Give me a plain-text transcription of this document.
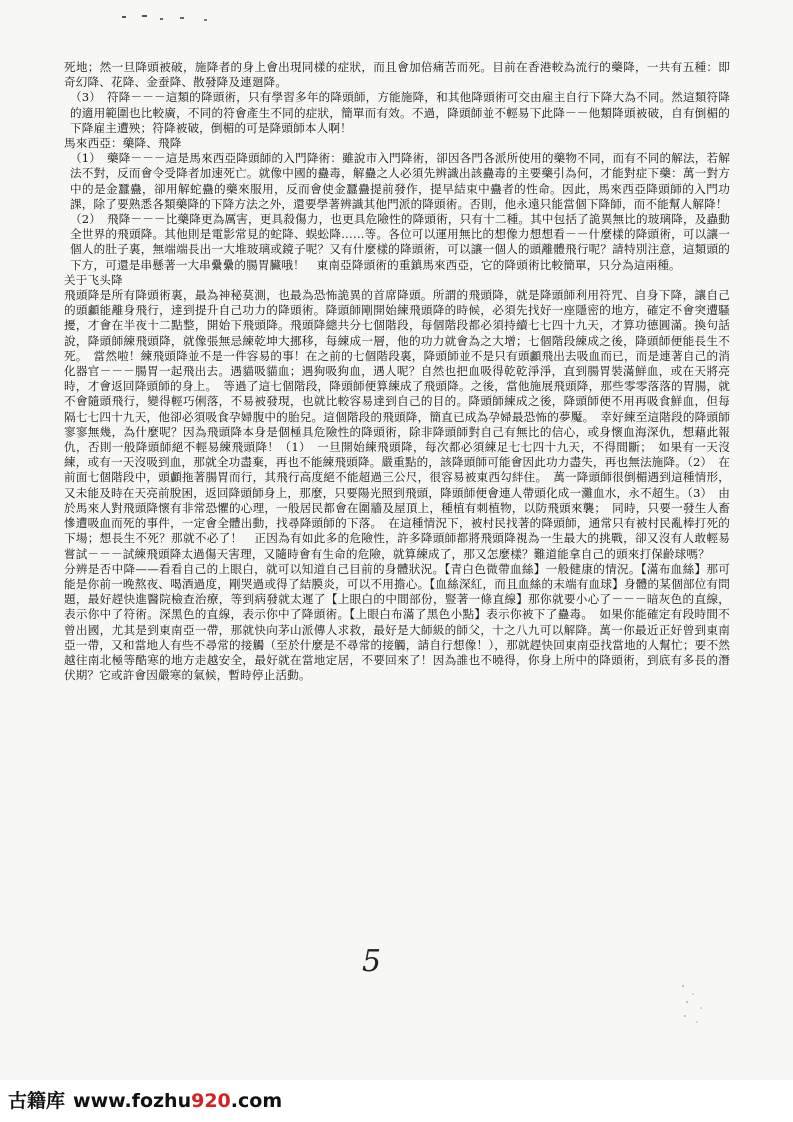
死地；然一旦降頭被破，施降者的身上會出現同樣的症狀，而且會加倍痛苦而死。目前在香港較為流行的藥降，一共有五種：即奇幻降、花降、金蚕降、散發降及連廻降。

（3）　符降－－－這類的降頭術，只有學習多年的降頭師，方能施降，和其他降頭術可交由雇主自行下降大為不同。然這類符降的適用範圍也比較廣，不同的符會產生不同的症狀，簡單而有效。不過，降頭師並不輕易下此降－－他類降頭被破，自有倒楣的下降雇主遭殃；符降被破，倒楣的可是降頭師本人啊！

馬來西亞：藥降、飛降

（1）　藥降－－－這是馬來西亞降頭師的入門降術：雖說市入門降術，卻因各門各派所使用的藥物不同，而有不同的解法，若解法不對，反而會令受降者加速死亡。就像中國的蠱毒，解蠱之人必須先辨識出該蠱毒的主要藥引為何，才能對症下藥：萬一對方中的是金蠶蠱，卻用解蛇蠱的藥來服用，反而會使金蠶蠱提前發作，提早結束中蠱者的性命。因此，馬來西亞降頭師的入門功課，除了要熟悉各類藥降的下降方法之外，還要學著辨識其他門派的降頭術。否則，他永遠只能當個下降師，而不能幫人解降！

（2）　飛降－－－比藥降更為厲害，更具殺傷力，也更具危險性的降頭術，只有十二種。其中包括了詭異無比的玻璃降，及蟲動全世界的飛頭降。其他則是電影常見的蛇降、蜈蚣降……等。各位可以運用無比的想像力想想看－－什麼樣的降頭術，可以讓一個人的肚子裏，無端端長出一大堆玻璃或鏡子呢？又有什麼樣的降頭術，可以讓一個人的頭離體飛行呢？請特別注意，這類頭的下方，可還是串懸著一大串纍纍的腸胃臟哦！　東南亞降頭術的重鎮馬來西亞，它的降頭術比較簡單，只分為這兩種。

关于飞头降

飛頭降是所有降頭術裏，最為神秘莫測，也最為恐怖詭異的首席降頭。所謂的飛頭降，就是降頭師利用符咒、自身下降，讓自己的頭顱能離身飛行，達到提升自己功力的降頭術。降頭師剛開始練飛頭降的時候，必須先找好一座隱密的地方，確定不會突遭騷擾，才會在半夜十二點整，開始下飛頭降。飛頭降總共分七個階段，每個階段都必須持續七七四十九天，才算功德圓滿。換句話說，降頭師練飛頭降，就像張無忌練乾坤大挪移，每練成一層，他的功力就會為之大增；七個階段練成之後，降頭師便能長生不死。　當然啦！練飛頭降並不是一件容易的事！在之前的七個階段裏，降頭師並不是只有頭顱飛出去吸血而已，而是連著自己的消化器官－－－腸胃一起飛出去。遇貓吸貓血；遇狗吸狗血，遇人呢？自然也把血吸得乾乾淨淨，直到腸胃裝滿鮮血，或在天將亮時，才會返回降頭師的身上。　等過了這七個階段，降頭師便算練成了飛頭降。之後，當他施展飛頭降，那些零零落落的胃腸，就不會隨頭飛行，變得輕巧俐落，不易被發現，也就比較容易達到自己的目的。降頭師練成之後，降頭師便不用再吸食鮮血，但每隔七七四十九天，他卻必須吸食孕婦腹中的胎兒。這個階段的飛頭降，簡直已成為孕婦最恐怖的夢魘。　幸好練至這階段的降頭師寥寥無幾，為什麼呢？因為飛頭降本身是個極具危險性的降頭術，除非降頭師對自己有無比的信心，或身懷血海深仇，想藉此報仇，否則一般降頭師絕不輕易練飛頭降！（1）　一旦開始練飛頭降，每次都必須練足七七四十九天，不得間斷；　如果有一天沒練，或有一天沒吸到血，那就全功盡棄，再也不能練飛頭降。嚴重點的，該降頭師可能會因此功力盡失，再也無法施降。（2）　在前面七個階段中，頭顱拖著腸胃而行，其飛行高度絕不能超過三公尺，很容易被東西勾絆住。　萬一降頭師很倒楣遇到這種情形，又未能及時在天亮前脫困，返回降頭師身上，那麼，只要陽光照到飛頭，降頭師便會連人帶頭化成一灘血水，永不超生。（3）　由於馬來人對飛頭降懷有非常恐懼的心理，一般居民都會在圍牆及屋頂上，種植有刺植物，以防飛頭來襲；　同時，只要一發生人畜慘遭吸血而死的事件，一定會全體出動，找尋降頭師的下落。　在這種情況下，被村民找著的降頭師，通常只有被村民亂棒打死的下場；想長生不死？那就不必了！　正因為有如此多的危險性，許多降頭師都將飛頭降視為一生最大的挑戰，卻又沒有人敢輕易嘗試－－－試練飛頭降太過傷天害理，又隨時會有生命的危險，就算練成了，那又怎麼樣？難道能拿自己的頭來打保齡球嗎？

分辨是否中降——看看自己的上眼白，就可以知道自己目前的身體狀況。【青白色微帶血絲】一般健康的情況。【滿布血絲】那可能是你前一晚熬夜、喝酒過度，剛哭過或得了結膜炎，可以不用擔心。【血絲深紅，而且血絲的末端有血球】身體的某個部位有問題，最好趕快進醫院檢查治療，等到病發就太遲了【上眼白的中間部份，豎著一條直線】那你就要小心了－－－暗灰色的直線，表示你中了符術。深黑色的直線，表示你中了降頭術。【上眼白布滿了黑色小點】表示你被下了蠱毒。　如果你能確定有段時間不曾出國，尤其是到東南亞一帶，那就快向茅山派傳人求救，最好是大師級的師父，十之八九可以解降。萬一你最近正好曾到東南亞一帶，又和當地人有些不尋常的接觸（至於什麼是不尋常的接觸，請自行想像！），那就趕快回東南亞找當地的人幫忙；要不然越往南北極等酷寒的地方走越安全，最好就在當地定居，不要回來了！因為誰也不曉得，你身上所中的降頭術，到底有多長的潛伏期？它或許會因嚴寒的氣候，暫時停止活動。

5
古籍库 www.fozhu920.com
